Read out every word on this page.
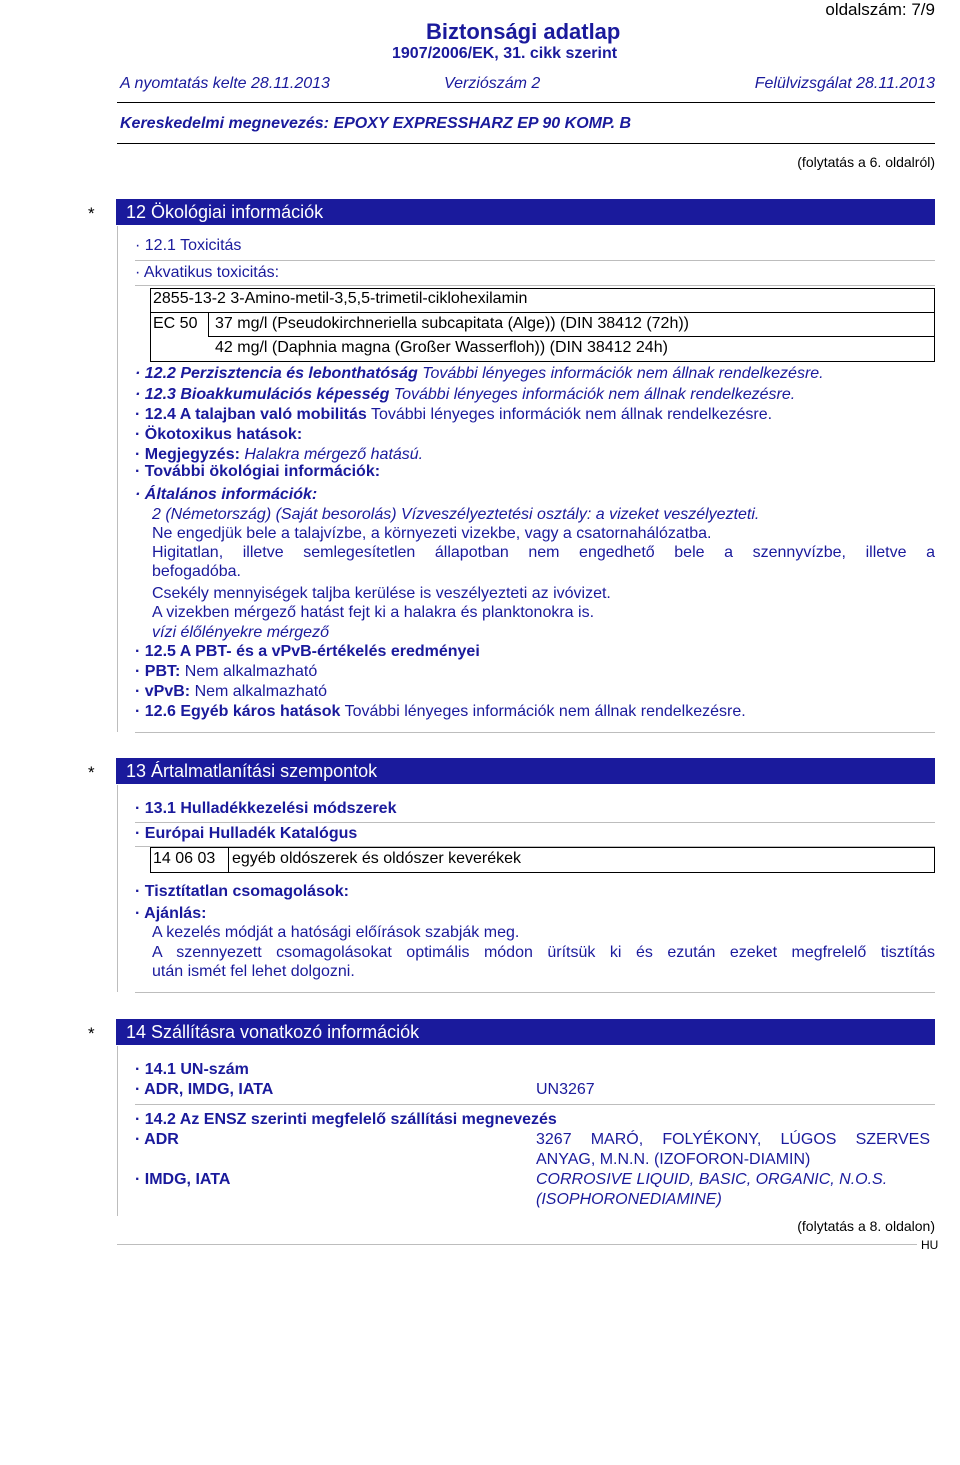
oldalszám: 7/9
Biztonsági adatlap
1907/2006/EK, 31. cikk szerint
A nyomtatás kelte 28.11.2013	Verziószám 2	Felülvizsgálat 28.11.2013
Kereskedelmi megnevezés: EPOXY EXPRESSHARZ EP 90 KOMP. B
(folytatás a 6. oldalról)
* 12 Ökológiai információk
· 12.1 Toxicitás
· Akvatikus toxicitás:
2855-13-2 3-Amino-metil-3,5,5-trimetil-ciklohexilamin
EC 50 37 mg/l (Pseudokirchneriella subcapitata (Alge)) (DIN 38412 (72h))
42 mg/l (Daphnia magna (Großer Wasserfloh)) (DIN 38412 24h)
· 12.2 Perzisztencia és lebonthatóság További lényeges információk nem állnak rendelkezésre.
· 12.3 Bioakkumulációs képesség További lényeges információk nem állnak rendelkezésre.
· 12.4 A talajban való mobilitás További lényeges információk nem állnak rendelkezésre.
· Ökotoxikus hatások:
· Megjegyzés: Halakra mérgező hatású.
· További ökológiai információk:
· Általános információk:
2 (Németország) (Saját besorolás) Vízveszélyeztetési osztály: a vizeket veszélyezteti.
Ne engedjük bele a talajvízbe, a környezeti vizekbe, vagy a csatornahálózatba.
Higitatlan, illetve semlegesítetlen állapotban nem engedhető bele a szennyvízbe, illetve a
befogadóba.
Csekély mennyiségek taljba kerülése is veszélyezteti az ivóvizet.
A vizekben mérgező hatást fejt ki a halakra és planktonokra is.
vízi élőlényekre mérgező
· 12.5 A PBT- és a vPvB-értékelés eredményei
· PBT: Nem alkalmazható
· vPvB: Nem alkalmazható
· 12.6 Egyéb káros hatások További lényeges információk nem állnak rendelkezésre.
* 13 Ártalmatlanítási szempontok
· 13.1 Hulladékkezelési módszerek
· Európai Hulladék Katalógus
14 06 03 egyéb oldószerek és oldószer keverékek
· Tisztítatlan csomagolások:
· Ajánlás:
A kezelés módját a hatósági előírások szabják meg.
A szennyezett csomagolásokat optimális módon ürítsük ki és ezután ezeket megfrelelő tisztítás
után ismét fel lehet dolgozni.
* 14 Szállításra vonatkozó információk
· 14.1 UN-szám
· ADR, IMDG, IATA	UN3267
· 14.2 Az ENSZ szerinti megfelelő szállítási megnevezés
· ADR	3267 MARÓ, FOLYÉKONY, LÚGOS SZERVES
ANYAG, M.N.N. (IZOFORON-DIAMIN)
· IMDG, IATA	CORROSIVE LIQUID, BASIC, ORGANIC, N.O.S.
(ISOPHORONEDIAMINE)
(folytatás a 8. oldalon)
HU
